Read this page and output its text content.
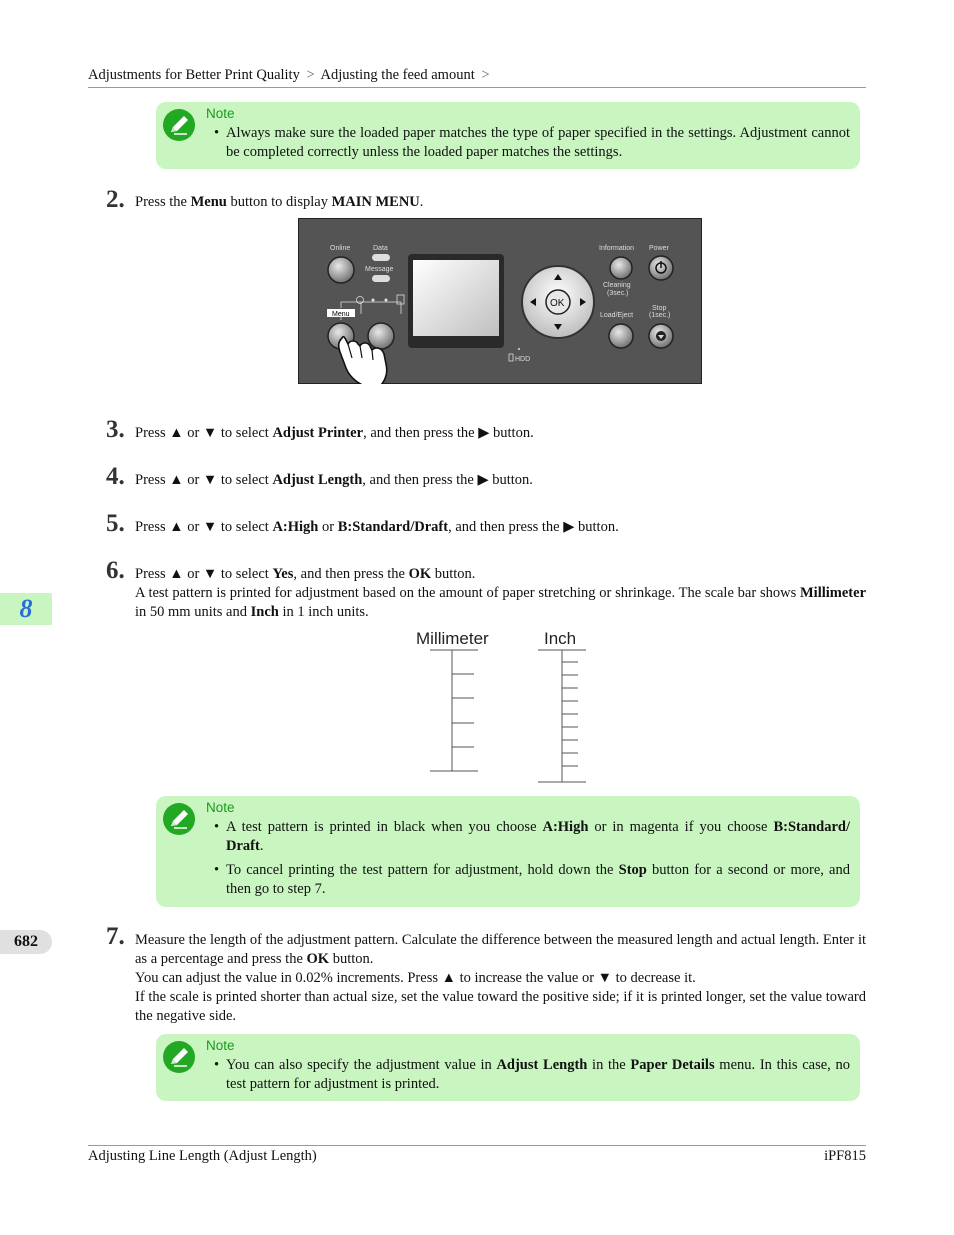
Adjustments for Better Print Quality > Adjusting the feed amount >
Note
• Always make sure the loaded paper matches the type of paper specified in the settings. Adjustment cannot be completed correctly unless the loaded paper matches the settings.
2. Press the Menu button to display MAIN MENU.
Online	Data
Message
Information Power
Cleaning
(3sec.)
Load/Eject
Stop
(1sec.)
HDD
Menu
OK
3. Press ▲ or ▼ to select Adjust Printer, and then press the ▶ button.
4. Press ▲ or ▼ to select Adjust Length, and then press the ▶ button.
5. Press ▲ or ▼ to select A:High or B:Standard/Draft, and then press the ▶ button.
6. Press ▲ or ▼ to select Yes, and then press the OK button.
A test pattern is printed for adjustment based on the amount of paper stretching or shrinkage. The scale bar shows Millimeter in 50 mm units and Inch in 1 inch units.
Millimeter	Inch
Note
• A test pattern is printed in black when you choose A:High or in magenta if you choose B:Standard/ Draft.
• To cancel printing the test pattern for adjustment, hold down the Stop button for a second or more, and then go to step 7.
7. Measure the length of the adjustment pattern. Calculate the difference between the measured length and actual length. Enter it as a percentage and press the OK button.
You can adjust the value in 0.02% increments. Press ▲ to increase the value or ▼ to decrease it.
If the scale is printed shorter than actual size, set the value toward the positive side; if it is printed longer, set the value toward the negative side.
Note
• You can also specify the adjustment value in Adjust Length in the Paper Details menu. In this case, no test pattern for adjustment is printed.
8
682
Adjusting Line Length (Adjust Length)	iPF815
